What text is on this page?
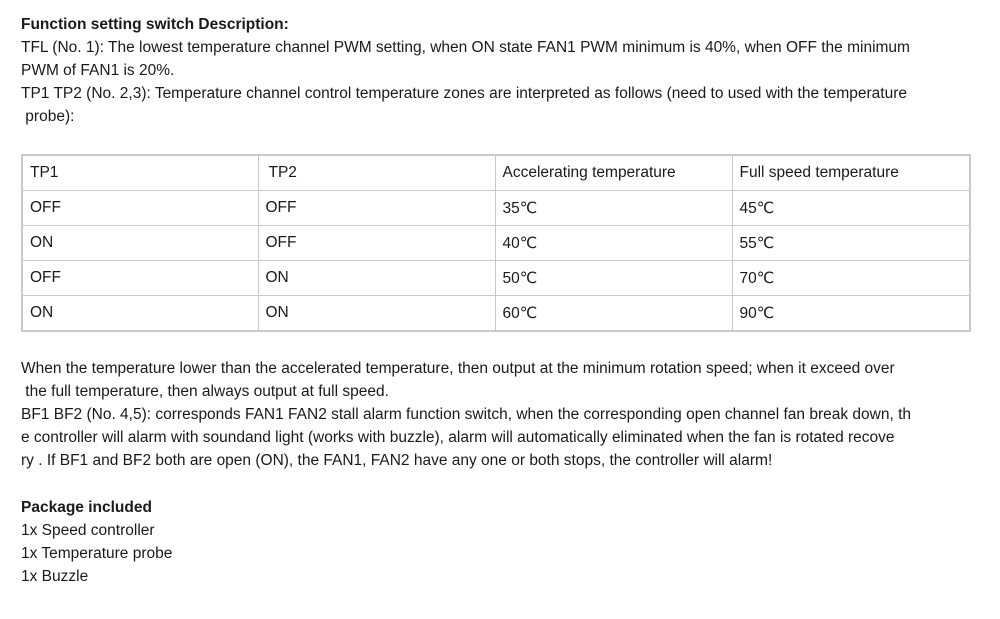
Function setting switch Description:
TFL (No. 1): The lowest temperature channel PWM setting, when ON state FAN1 PWM minimum is 40%, when OFF the minimum
PWM of FAN1 is 20%.
TP1 TP2 (No. 2,3): Temperature channel control temperature zones are interpreted as follows (need to used with the temperature
probe):
TP1	TP2	Accelerating temperature	Full speed temperature
OFF	OFF	35℃	45℃
ON	OFF	40℃	55℃
OFF	ON	50℃	70℃
ON	ON	60℃	90℃
When the temperature lower than the accelerated temperature, then output at the minimum rotation speed; when it exceed over
the full temperature, then always output at full speed.
BF1 BF2 (No. 4,5): corresponds FAN1 FAN2 stall alarm function switch, when the corresponding open channel fan break down, th
e controller will alarm with soundand light (works with buzzle), alarm will automatically eliminated when the fan is rotated recove
ry . If BF1 and BF2 both are open (ON), the FAN1, FAN2 have any one or both stops, the controller will alarm!
Package included
1x Speed controller
1x Temperature probe
1x Buzzle
